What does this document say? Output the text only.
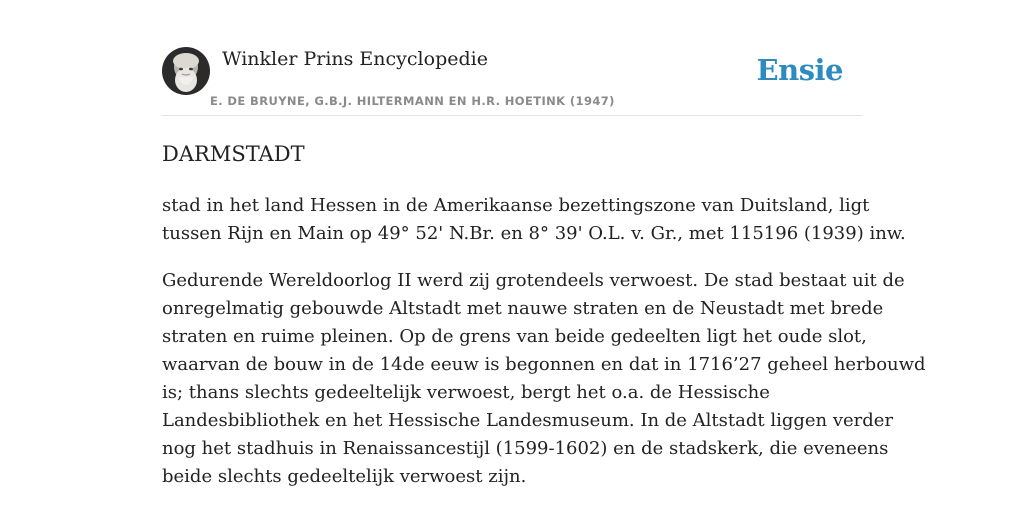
Winkler Prins Encyclopedie
E. DE BRUYNE, G.B.J. HILTERMANN EN H.R. HOETINK (1947)
Ensie
DARMSTADT

stad in het land Hessen in de Amerikaanse bezettingszone van Duitsland, ligt
tussen Rijn en Main op 49° 52' N.Br. en 8° 39' O.L. v. Gr., met 115196 (1939) inw.

Gedurende Wereldoorlog II werd zij grotendeels verwoest. De stad bestaat uit de
onregelmatig gebouwde Altstadt met nauwe straten en de Neustadt met brede
straten en ruime pleinen. Op de grens van beide gedeelten ligt het oude slot,
waarvan de bouw in de 14de eeuw is begonnen en dat in 1716’27 geheel herbouwd
is; thans slechts gedeeltelijk verwoest, bergt het o.a. de Hessische
Landesbibliothek en het Hessische Landesmuseum. In de Altstadt liggen verder
nog het stadhuis in Renaissancestijl (1599-1602) en de stadskerk, die eveneens
beide slechts gedeeltelijk verwoest zijn.
